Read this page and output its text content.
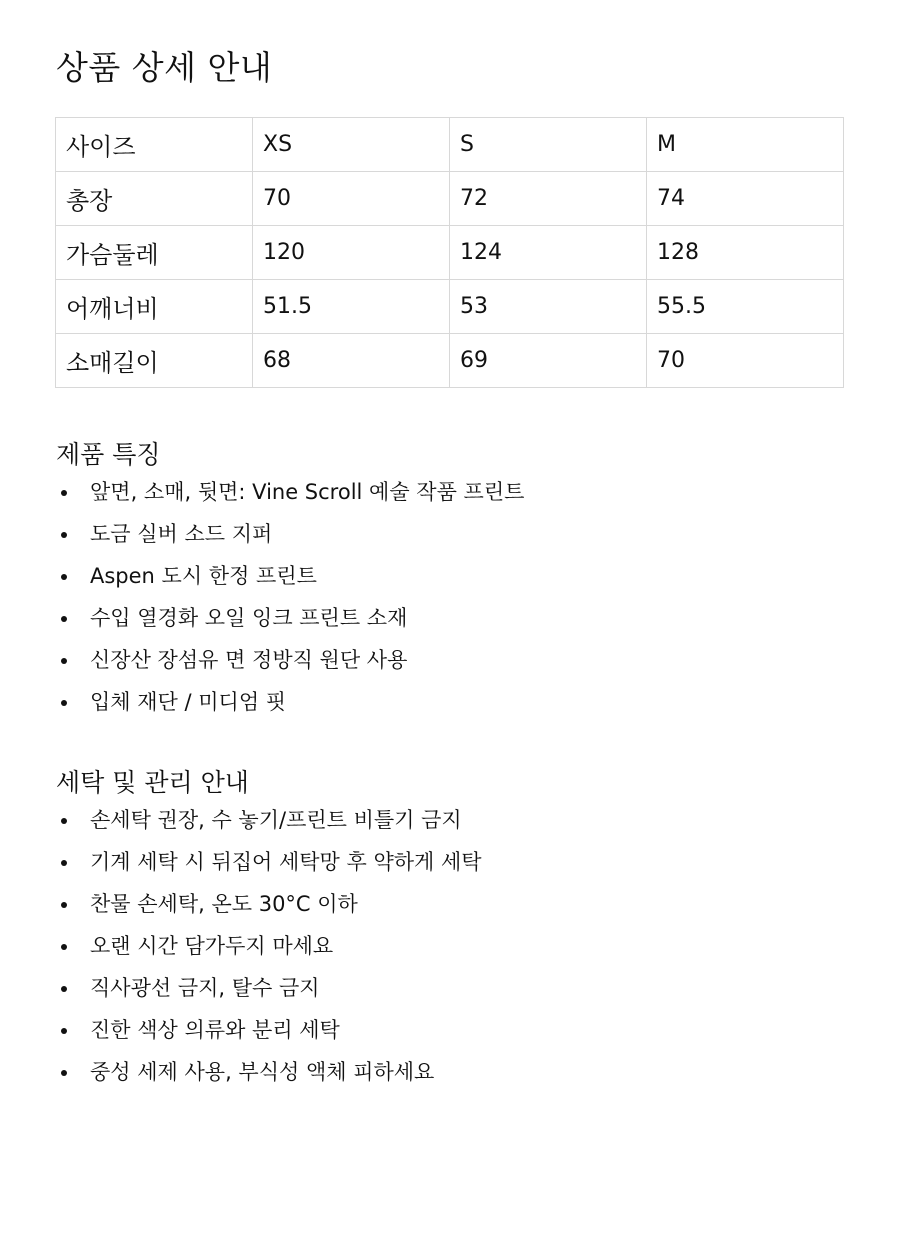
상품 상세 안내
사이즈	XS	S	M
총장	70	72	74
가슴둘레	120	124	128
어깨너비	51.5	53	55.5
소매길이	68	69	70
제품 특징
앞면, 소매, 뒷면: Vine Scroll 예술 작품 프린트
도금 실버 소드 지퍼
Aspen 도시 한정 프린트
수입 열경화 오일 잉크 프린트 소재
신장산 장섬유 면 정방직 원단 사용
입체 재단 / 미디엄 핏
세탁 및 관리 안내
손세탁 권장, 수 놓기/프린트 비틀기 금지
기계 세탁 시 뒤집어 세탁망 후 약하게 세탁
찬물 손세탁, 온도 30°C 이하
오랜 시간 담가두지 마세요
직사광선 금지, 탈수 금지
진한 색상 의류와 분리 세탁
중성 세제 사용, 부식성 액체 피하세요
